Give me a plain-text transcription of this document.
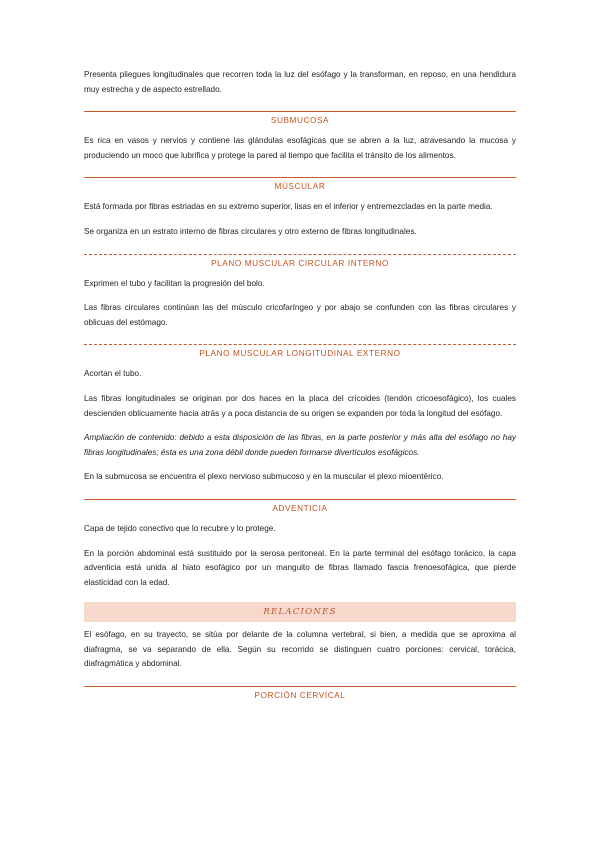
Presenta pliegues longitudinales que recorren toda la luz del esófago y la transforman, en reposo, en una hendidura muy estrecha y de aspecto estrellado.

SUBMUCOSA

Es rica en vasos y nervios y contiene las glándulas esofágicas que se abren a la luz, atravesando la mucosa y produciendo un moco que lubrifica y protege la pared al tiempo que facilita el tránsito de los alimentos.

MÚSCULAR

Está formada por fibras estriadas en su extremo superior, lisas en el inferior y entremezcladas en la parte media.

Se organiza en un estrato interno de fibras circulares y otro externo de fibras longitudinales.

PLANO MUSCULAR CIRCULAR INTERNO

Exprimen el tubo y facilitan la progresión del bolo.

Las fibras circulares continúan las del músculo cricofaríngeo y por abajo se confunden con las fibras circulares y oblicuas del estómago.

PLANO MUSCULAR LONGITUDINAL EXTERNO

Acortan el tubo.

Las fibras longitudinales se originan por dos haces en la placa del cricoides (tendón cricoesofágico), los cuales descienden oblicuamente hacia atrás y a poca distancia de su origen se expanden por toda la longitud del esófago.

Ampliación de contenido: debido a esta disposición de las fibras, en la parte posterior y más alta del esófago no hay fibras longitudinales; ésta es una zona débil donde pueden formarse divertículos esofágicos.

En la submucosa se encuentra el plexo nervioso submucoso y en la muscular el plexo mioentérico.

ADVENTICIA

Capa de tejido conectivo que lo recubre y lo protege.

En la porción abdominal está sustituido por la serosa peritoneal. En la parte terminal del esófago torácico, la capa adventicia está unida al hiato esofágico por un manguito de fibras llamado fascia frenoesofágica, que pierde elasticidad con la edad.

RELACIONES

El esófago, en su trayecto, se sitúa por delante de la columna vertebral, si bien, a medida que se aproxima al diafragma, se va separando de ella. Según su recorrido se distinguen cuatro porciones: cervical, torácica, diafragmática y abdominal.

PORCIÓN CERVICAL
